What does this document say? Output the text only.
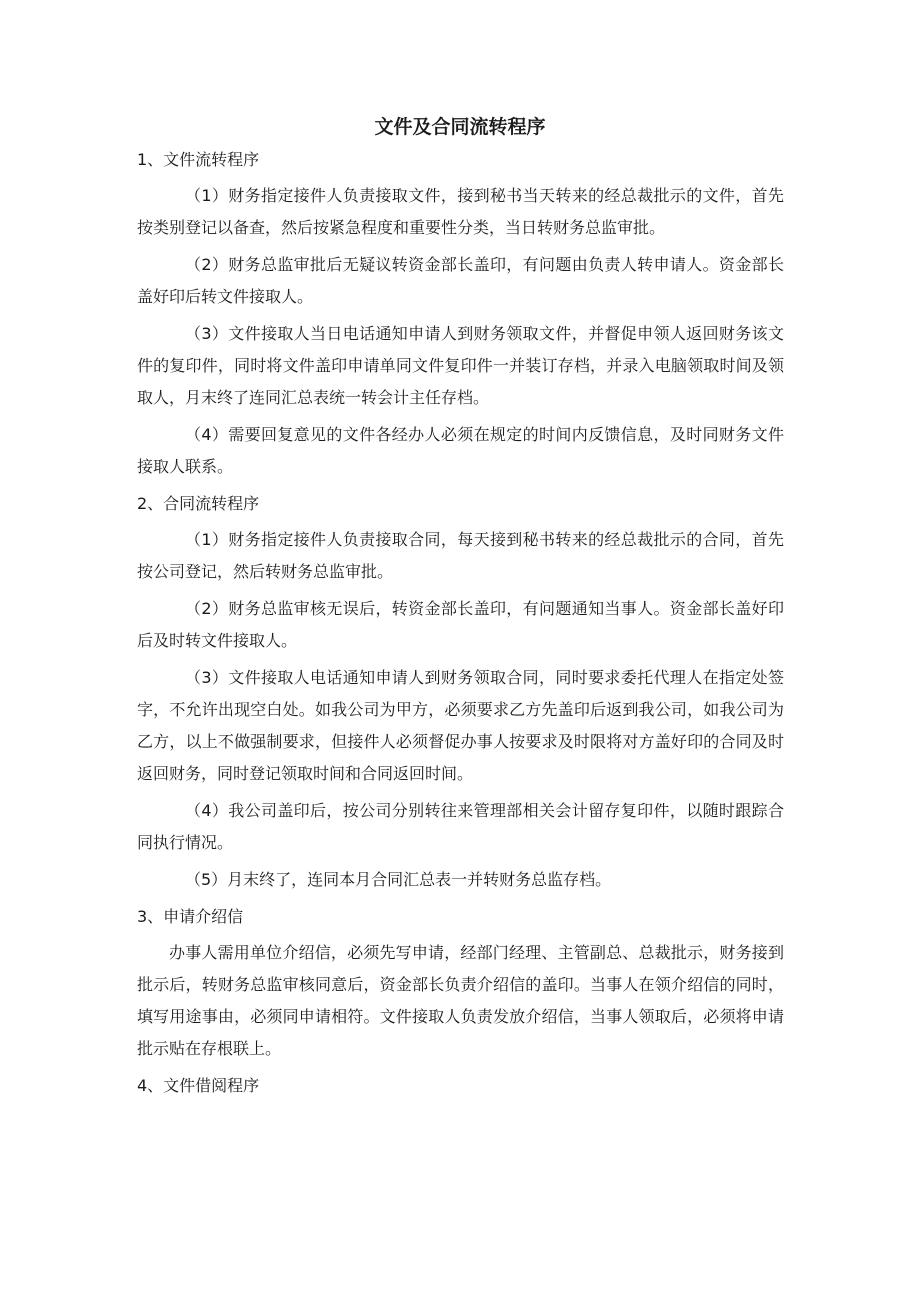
文件及合同流转程序
1、文件流转程序

（1）财务指定接件人负责接取文件，接到秘书当天转来的经总裁批示的文件，首先按类别登记以备查，然后按紧急程度和重要性分类，当日转财务总监审批。

（2）财务总监审批后无疑议转资金部长盖印，有问题由负责人转申请人。资金部长盖好印后转文件接取人。

（3）文件接取人当日电话通知申请人到财务领取文件，并督促申领人返回财务该文件的复印件，同时将文件盖印申请单同文件复印件一并装订存档，并录入电脑领取时间及领取人，月末终了连同汇总表统一转会计主任存档。

（4）需要回复意见的文件各经办人必须在规定的时间内反馈信息，及时同财务文件接取人联系。

2、合同流转程序

（1）财务指定接件人负责接取合同，每天接到秘书转来的经总裁批示的合同，首先按公司登记，然后转财务总监审批。

（2）财务总监审核无误后，转资金部长盖印，有问题通知当事人。资金部长盖好印后及时转文件接取人。

（3）文件接取人电话通知申请人到财务领取合同，同时要求委托代理人在指定处签字，不允许出现空白处。如我公司为甲方，必须要求乙方先盖印后返到我公司，如我公司为乙方，以上不做强制要求，但接件人必须督促办事人按要求及时限将对方盖好印的合同及时返回财务，同时登记领取时间和合同返回时间。

（4）我公司盖印后，按公司分别转往来管理部相关会计留存复印件，以随时跟踪合同执行情况。

（5）月末终了，连同本月合同汇总表一并转财务总监存档。

3、申请介绍信

办事人需用单位介绍信，必须先写申请，经部门经理、主管副总、总裁批示，财务接到批示后，转财务总监审核同意后，资金部长负责介绍信的盖印。当事人在领介绍信的同时，填写用途事由，必须同申请相符。文件接取人负责发放介绍信，当事人领取后，必须将申请批示贴在存根联上。

4、文件借阅程序
